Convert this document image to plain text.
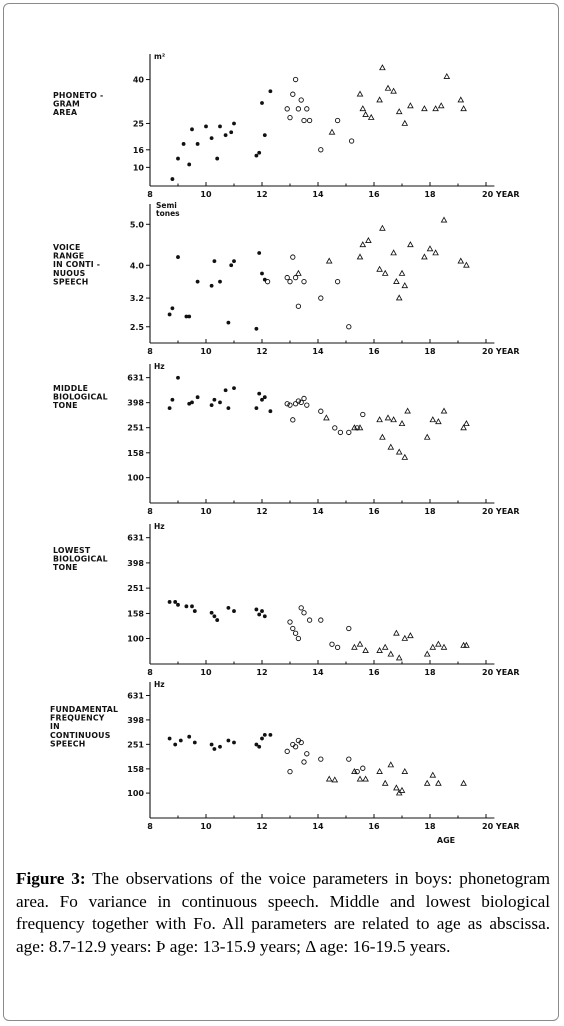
8	10	12	14	16	18	20 YEAR
10
16
25
40
m²
PHONETO -
GRAM
AREA
8	10	12	14	16	18	20 YEAR
2.5
3.2
4.0
5.0
Semi
tones
VOICE
RANGE
IN CONTI -
NUOUS
SPEECH
8	10	12	14	16	18	20 YEAR
100
158
251
398
631
Hz
MIDDLE
BIOLOGICAL
TONE
8	10	12	14	16	18	20 YEAR
100
158
251
398
631
Hz
LOWEST
BIOLOGICAL
TONE
8	10	12	14	16	18	20 YEAR
100
158
251
398
631
Hz
FUNDAMENTAL
FREQUENCY
IN
CONTINUOUS
SPEECH
AGE
Figure 3: The observations of the voice parameters in boys: phonetogram area. Fo variance in continuous speech. Middle and lowest biological frequency together with Fo. All parameters are related to age as abscissa. age: 8.7-12.9 years: Þ age: 13-15.9 years; Δ age: 16-19.5 years.
